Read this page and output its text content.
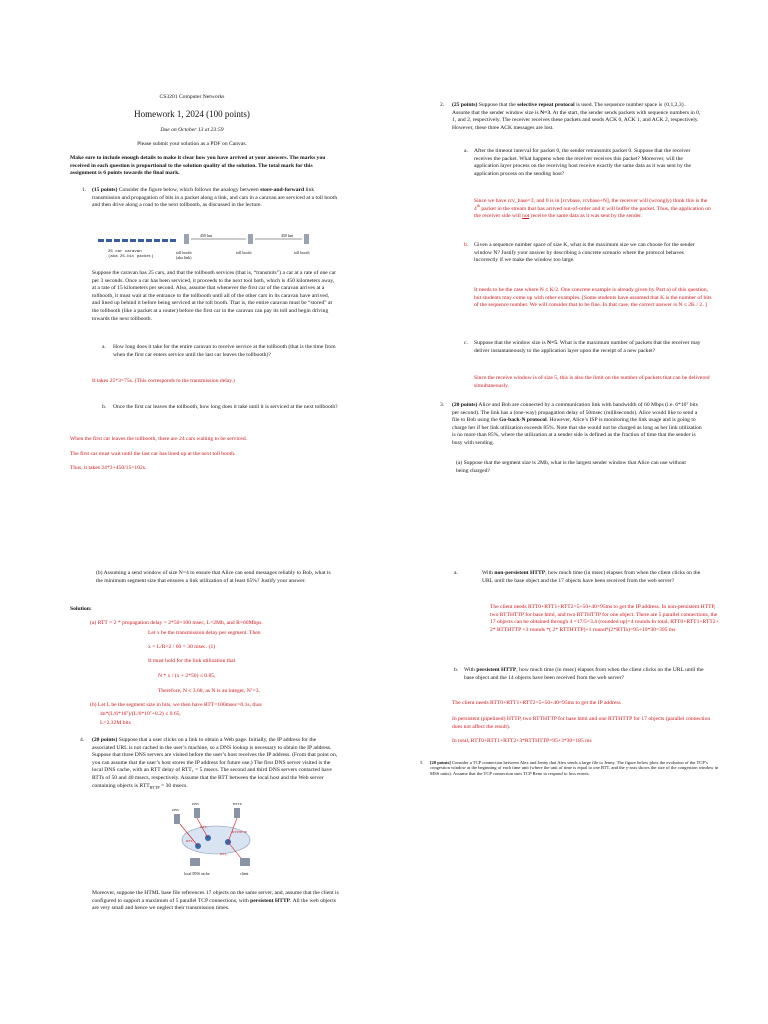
CS3201 Computer Networks

Homework 1, 2024 (100 points)

Due on October 13 at 23:59

Please submit your solution as a PDF on Canvas.

Make sure to include enough details to make it clear how you have arrived at your answers. The marks you received in each question is proportional to the solution quality of the solution. The total mark for this assignment is 6 points towards the final mark.

1. (15 points) Consider the figure below, which follows the analogy between store-and-forward link transmission and propagation of bits in a packet along a link, and cars in a caravan are serviced at a toll booth and then drive along a road to the next tollbooth, as discussed in the lecture.

450 km	450 km
25 car caravan
(aka 25-bit packet)
toll booth
(aka link)
toll booth	toll booth

Suppose the caravan has 25 cars, and that the tollbooth services (that is, “transmits”) a car at a rate of one car per 3 seconds. Once a car has been serviced, it proceeds to the next tool both, which is 450 kilometers away, at a rate of 15 kilometers per second. Also, assume that whenever the first car of the caravan arrives at a tollbooth, it must wait at the entrance to the tollbooth until all of the other cars in its caravan have arrived, and lined up behind it before being serviced at the toll booth. That is, the entire caravan must be “stored” at the tollbooth (like a packet at a router) before the first car in the caravan can pay its toll and begin driving towards the next tollbooth.

a. How long does it take for the entire caravan to receive service at the tollbooth (that is the time from when the first car enters service until the last car leaves the tollbooth)?

It takes 25*3=75s. (This corresponds to the transmission delay.)

b. Once the first car leaves the tollbooth, how long does it take until it is serviced at the next tollbooth?

When the first car leaves the tollbooth, there are 24 cars waiting to be serviced.

The first car must wait until the last car has lined up at the next toll booth.

Thus, it takes 24*3+450/15=102s.

2. (25 points) Suppose that the selective repeat protocol is used. The sequence number space is {0,1,2,3}. Assume that the sender window size is N=3. At the start, the sender sends packets with sequence numbers in 0, 1, and 2, respectively. The receiver receives these packets and sends ACK 0, ACK 1, and ACK 2, respectively. However, these three ACK messages are lost.

a. After the timeout interval for packet 0, the sender retransmits packet 0. Suppose that the receiver receives the packet. What happens when the receiver receives this packet? Moreover, will the application layer process on the receiving host receive exactly the same data as it was sent by the application process on the sending host?

Since we have rcv_base=3, and 0 is in [rcvbase, rcvbase+N], the receiver will (wrongly) think this is the 4th packet in the stream that has arrived out-of-order and it will buffer the packet. Thus, the application on the receiver side will not receive the same data as it was sent by the sender.

b. Given a sequence number space of size K, what is the maximum size we can choose for the sender window N? Justify your answer by describing a concrete scenario where the protocol behaves incorrectly if we make the window too large.

It needs to be the case where N ≤ K/2. One concrete example is already given by Part a) of this question, but students may come up with other examples. [Some students have assumed that K is the number of bits of the sequence number. We will consider that to be fine. In that case, the correct answer is N ≤ 2K / 2. ]

c. Suppose that the window size is N=5. What is the maximum number of packets that the receiver may deliver instantaneously to the application layer upon the receipt of a new packet?

Since the receive window is of size 5, this is also the limit on the number of packets that can be delivered simultaneously.

3. (20 points) Alice and Bob are connected by a communication link with bandwidth of 60 Mbps (i.e. 6*10⁷ bits per second). The link has a (one-way) propagation delay of 50msec (milliseconds). Alice would like to send a file to Bob using the Go-back-N protocol. However, Alice’s ISP is monitoring the link usage and is going to charge her if her link utilization exceeds 85%. Note that she would not be charged as long as her link utilization is no more than 85%, where the utilization at a sender side is defined as the fraction of time that the sender is busy with sending.

(a) Suppose that the segment size is 2Mb, what is the largest sender window that Alice can use without being charged?

(b) Assuming a send window of size N=4 to ensure that Alice can send messages reliably to Bob, what is the minimum segment size that ensures a link utilization of at least 65%? Justify your answer.

Solution:

(a) RTT = 2 * propagation delay = 2*50=100 msec, L=2Mb, and R=60Mbps.

Let x be the transmission delay per segment. Then

x = L/R=2 / 60 = 30 msec. (1)

It must hold for the link utilization that

N * x / (x + 2*50) ≤ 0.85,

Therefore, N ≤ 3.68, as N is an integer, N’=3.

(b) Let L be the segment size in bits, we then have RTT=100msec=0.1s, thus

4n*(L/6*10⁷)/(L/6*10⁷+0.2) ≤ 0.65,

L=2.32M bits

4. (20 points) Suppose that a user clicks on a link to obtain a Web page. Initially, the IP address for the associated URL is not cached in the user’s machine, so a DNS lookup is necessary to obtain the IP address. Suppose that three DNS servers are visited before the user’s host receives the IP address. (From that point on, you can assume that the user’s host stores the IP address for future use.) The first DNS server visited is the local DNS cache, with an RTT delay of RTT₁ = 5 msecs. The second and third DNS servers contacted have RTTs of 50 and 40 msecs, respectively. Assume that the RTT between the local host and the Web server containing objects is $RTT_{HTTP} = 30$ msecs.

DNS
DNS	HTTP
RTT₁
RTT₂
RTT₃
RTTHTTP
local DNS cache	client

Moreover, suppose the HTML base file references 17 objects on the same server, and, assume that the client is configured to support a maximum of 5 parallel TCP connections, with persistent HTTP. All the web objects are very small and hence we neglect their transmission times.

a.	With non-persistent HTTP, how much time (in msec) elapses from when the client clicks on the URL until the base object and the 17 objects have been received from the web server?

The client needs RTT0+RTT1+RTT2=5+50+40=95ms to get the IP address. In non-persistent HTTP, two RTTHTTP for base html, and two RTTHTTP for one object. There are 5 parallel connections, the 17 objects can be obtained through 4 =17/5=3.4 (rounded up)=4 rounds In total, RTT0+RTT1+RTT2+ 2* RTTHTTP +3 rounds *( 2* RTTHTTP)+1 round*(2*RTTs)=95+10*30=395 ms

b. With persistent HTTP, how much time (in msec) elapses from when the client clicks on the URL until the base object and the 14 objects have been received from the web server?

The client needs RTT0+RTT1+RTT2=5+50+40=95ms to get the IP address

In persistent (pipelined) HTTP, two RTTHTTP for base html and one RTTHTTP for 17 objects (parallel connection does not affect the result).

In total, RTT0+RTT1+RTT2+3*RTTHTTP=95+3*30=185 ms

5. [20 points] Consider a TCP connection between Alex and Jenny that Alex sends a large file to Jenny. The figure below plots the evolution of the TCP’s congestion window at the beginning of each time unit (where the unit of time is equal to one RTT, and the y-axis shows the size of the congestion window in MSS units). Assume that the TCP connection uses TCP Reno to respond to loss events.
